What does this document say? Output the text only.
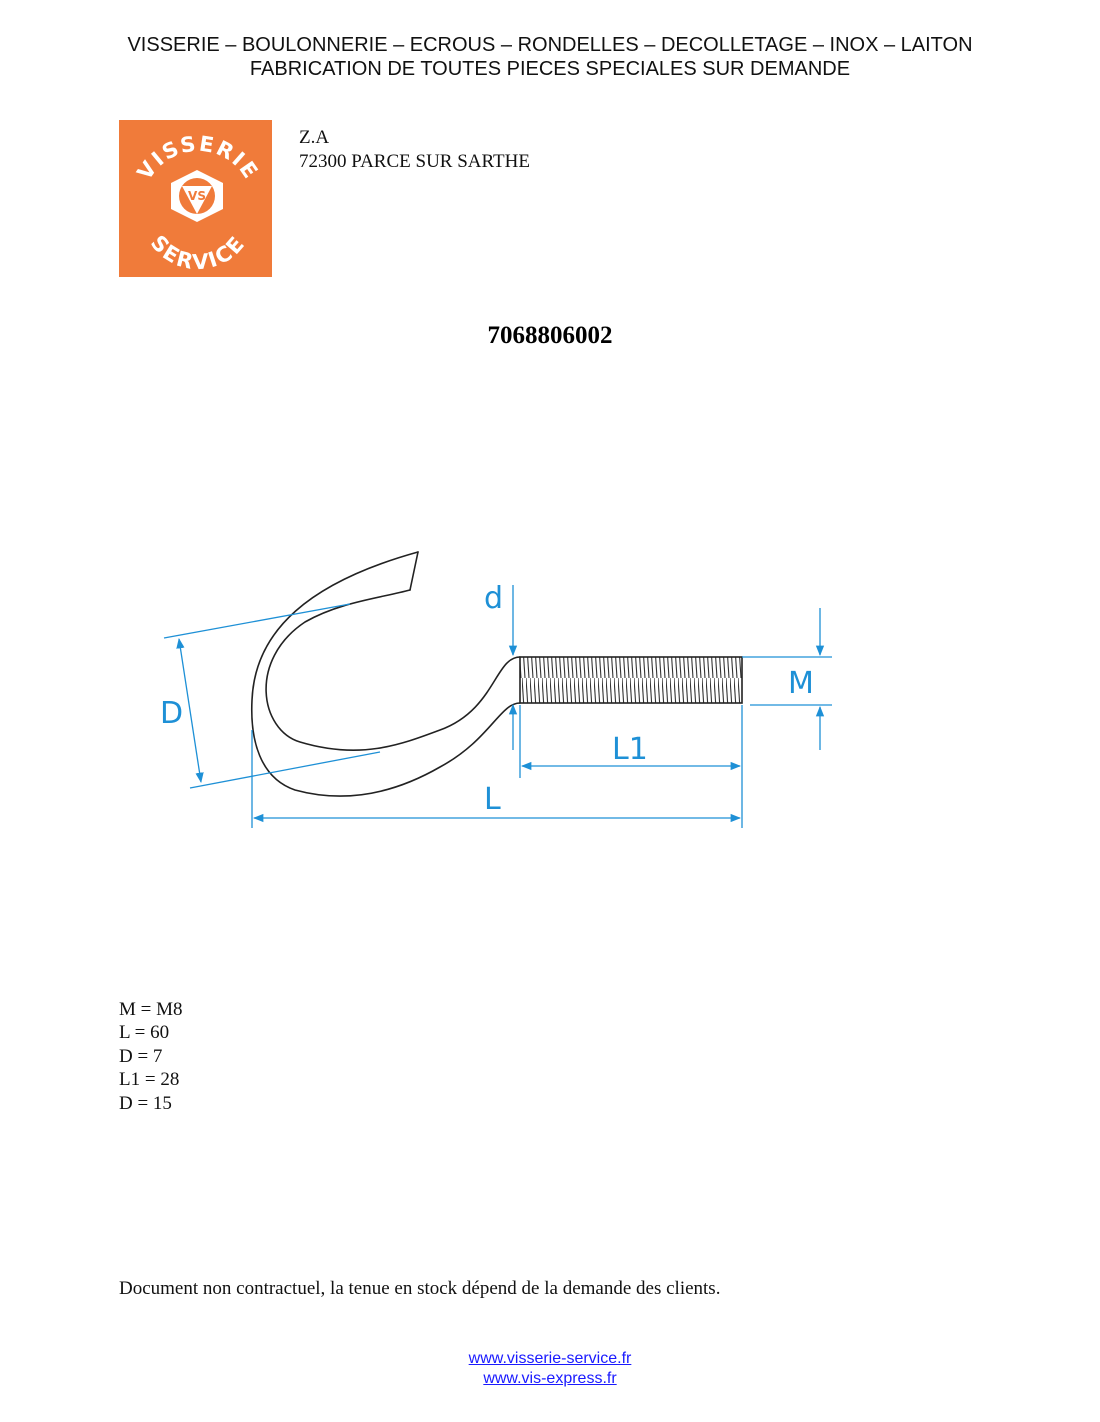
VISSERIE – BOULONNERIE – ECROUS – RONDELLES – DECOLLETAGE – INOX – LAITON
FABRICATION DE TOUTES PIECES SPECIALES SUR DEMANDE
VISSERIE
SERVICE
VS
Z.A
72300 PARCE SUR SARTHE
7068806002
d
M
D
L1
L
M = M8
L = 60
D = 7
L1 = 28
D = 15
Document non contractuel, la tenue en stock dépend de la demande des clients.
www.visserie-service.fr
www.vis-express.fr
